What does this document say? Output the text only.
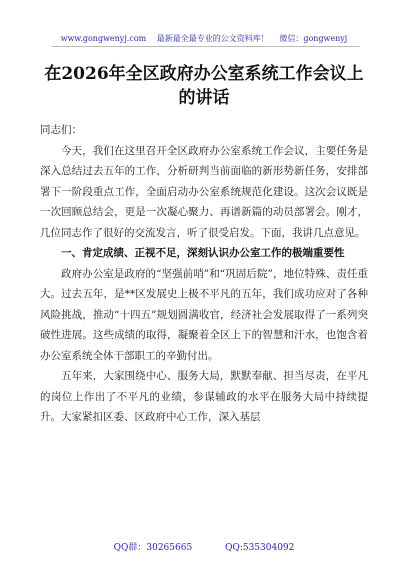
www.gongwenyj.com 最新最全最专业的公文资料库！ 微信：gongwenyj
在2026年全区政府办公室系统工作会议上的讲话

同志们：

今天，我们在这里召开全区政府办公室系统工作会议，主要任务是深入总结过去五年的工作，分析研判当前面临的新形势新任务，安排部署下一阶段重点工作，全面启动办公室系统规范化建设。这次会议既是一次回顾总结会，更是一次凝心聚力、再谱新篇的动员部署会。刚才，几位同志作了很好的交流发言，听了很受启发。下面，我讲几点意见。

一、肯定成绩、正视不足，深刻认识办公室工作的极端重要性

政府办公室是政府的“坚强前哨”和“巩固后院”，地位特殊、责任重大。过去五年，是**区发展史上极不平凡的五年，我们成功应对了各种风险挑战，推动“十四五”规划圆满收官，经济社会发展取得了一系列突破性进展。这些成绩的取得，凝聚着全区上下的智慧和汗水，也饱含着办公室系统全体干部职工的辛勤付出。

五年来，大家围绕中心、服务大局，默默奉献、担当尽责，在平凡的岗位上作出了不平凡的业绩，参谋辅政的水平在服务大局中持续提升。大家紧扣区委、区政府中心工作，深入基层

QQ群：30265665	QQ:535304092
